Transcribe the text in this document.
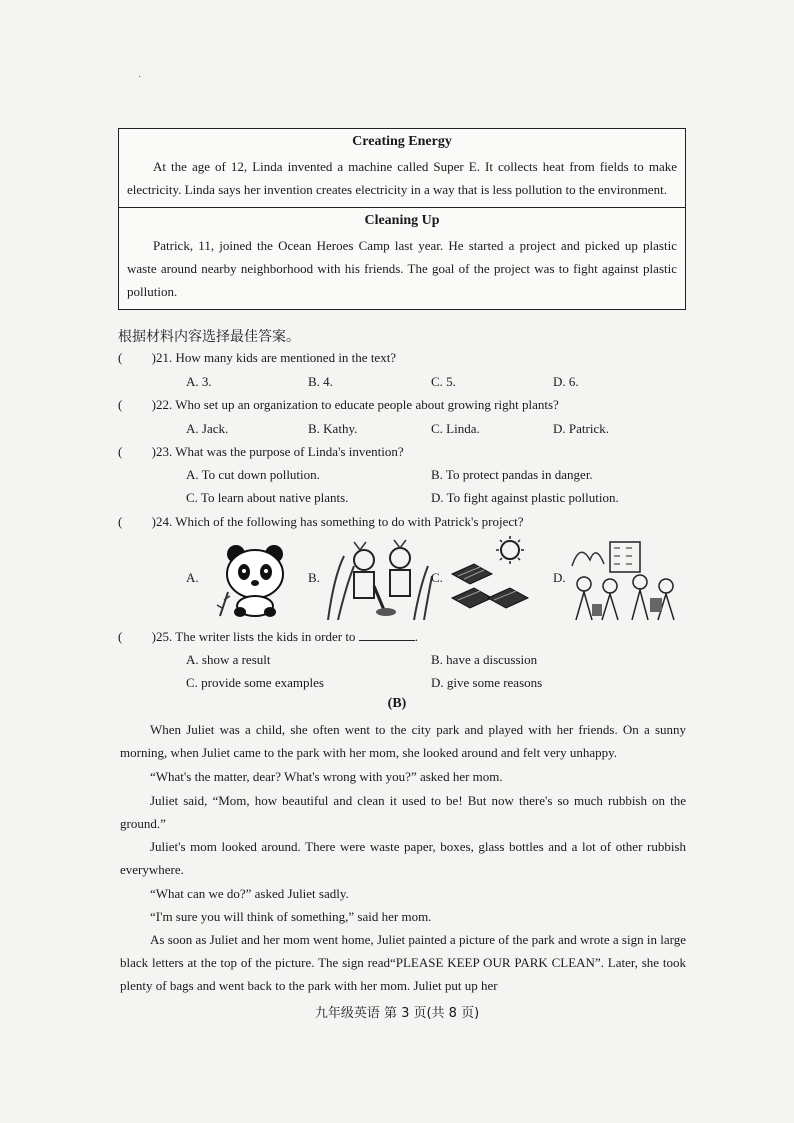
·
Creating Energy
At the age of 12, Linda invented a machine called Super E. It collects heat from fields to make electricity. Linda says her invention creates electricity in a way that is less pollution to the environment.
Cleaning Up
Patrick, 11, joined the Ocean Heroes Camp last year. He started a project and picked up plastic waste around nearby neighborhood with his friends. The goal of the project was to fight against plastic pollution.
根据材料内容选择最佳答案。
( )21. How many kids are mentioned in the text?
A. 3.	B. 4.	C. 5.	D. 6.
( )22. Who set up an organization to educate people about growing right plants?
A. Jack.	B. Kathy.	C. Linda.	D. Patrick.
( )23. What was the purpose of Linda's invention?
A. To cut down pollution.	B. To protect pandas in danger.
C. To learn about native plants.	D. To fight against plastic pollution.
( )24. Which of the following has something to do with Patrick's project?
A.	B.	C.	D.
( )25. The writer lists the kids in order to	.
A. show a result	B. have a discussion
C. provide some examples	D. give some reasons
(B)
When Juliet was a child, she often went to the city park and played with her friends. On a sunny morning, when Juliet came to the park with her mom, she looked around and felt very unhappy.
“What's the matter, dear? What's wrong with you?” asked her mom.
Juliet said, “Mom, how beautiful and clean it used to be! But now there's so much rubbish on the ground.”
Juliet's mom looked around. There were waste paper, boxes, glass bottles and a lot of other rubbish everywhere.
“What can we do?” asked Juliet sadly.
“I'm sure you will think of something,” said her mom.
As soon as Juliet and her mom went home, Juliet painted a picture of the park and wrote a sign in large black letters at the top of the picture. The sign read“PLEASE KEEP OUR PARK CLEAN”. Later, she took plenty of bags and went back to the park with her mom. Juliet put up her
九年级英语 第 3 页(共 8 页)
